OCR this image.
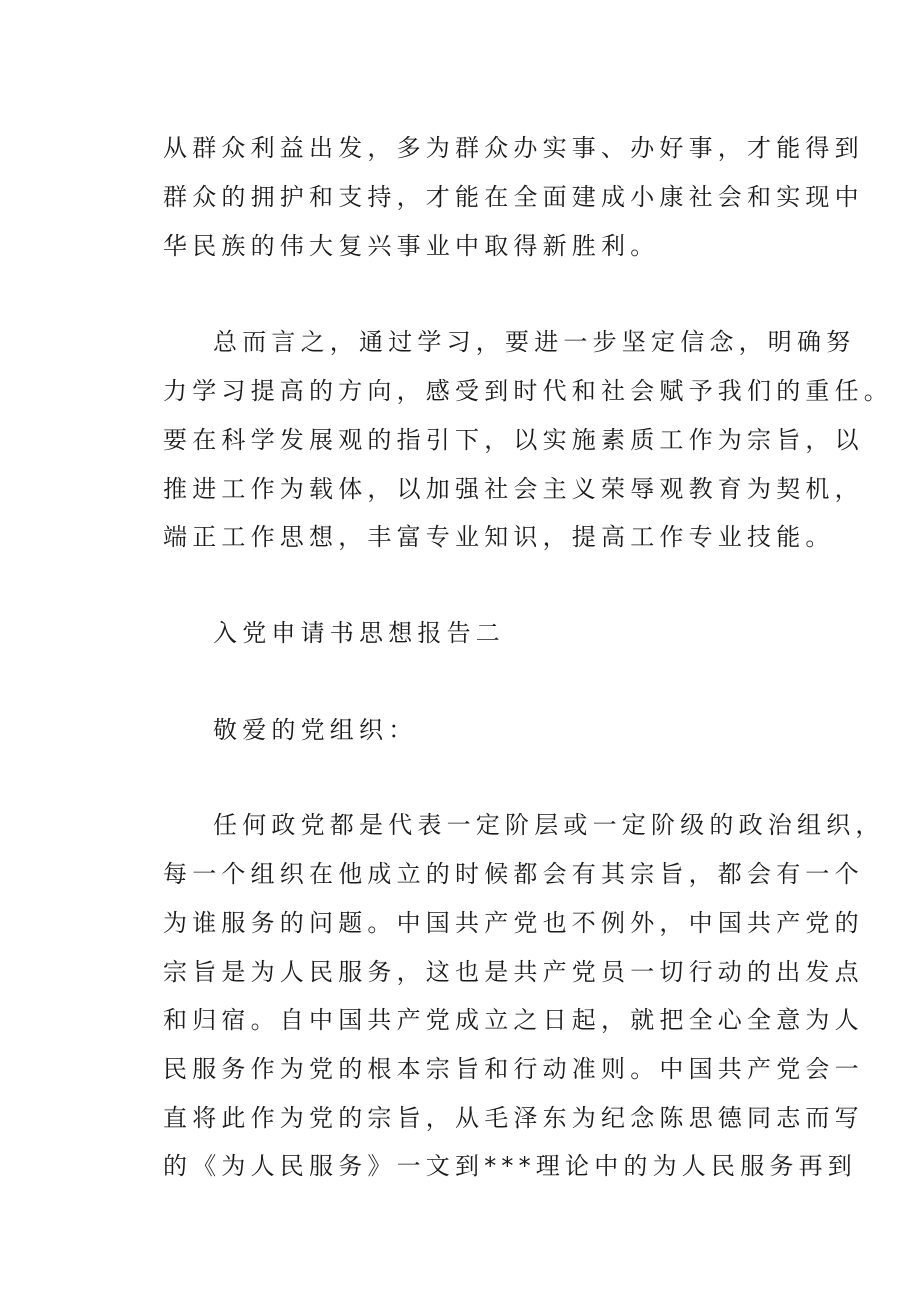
从群众利益出发，多为群众办实事、办好事，才能得到

群众的拥护和支持，才能在全面建成小康社会和实现中

华民族的伟大复兴事业中取得新胜利。

总而言之，通过学习，要进一步坚定信念，明确努

力学习提高的方向，感受到时代和社会赋予我们的重任。

要在科学发展观的指引下，以实施素质工作为宗旨，以

推进工作为载体，以加强社会主义荣辱观教育为契机，

端正工作思想，丰富专业知识，提高工作专业技能。

入党申请书思想报告二

敬爱的党组织：

任何政党都是代表一定阶层或一定阶级的政治组织，

每一个组织在他成立的时候都会有其宗旨，都会有一个

为谁服务的问题。中国共产党也不例外，中国共产党的

宗旨是为人民服务，这也是共产党员一切行动的出发点

和归宿。自中国共产党成立之日起，就把全心全意为人

民服务作为党的根本宗旨和行动准则。中国共产党会一

直将此作为党的宗旨，从毛泽东为纪念陈思德同志而写

的《为人民服务》一文到***理论中的为人民服务再到
